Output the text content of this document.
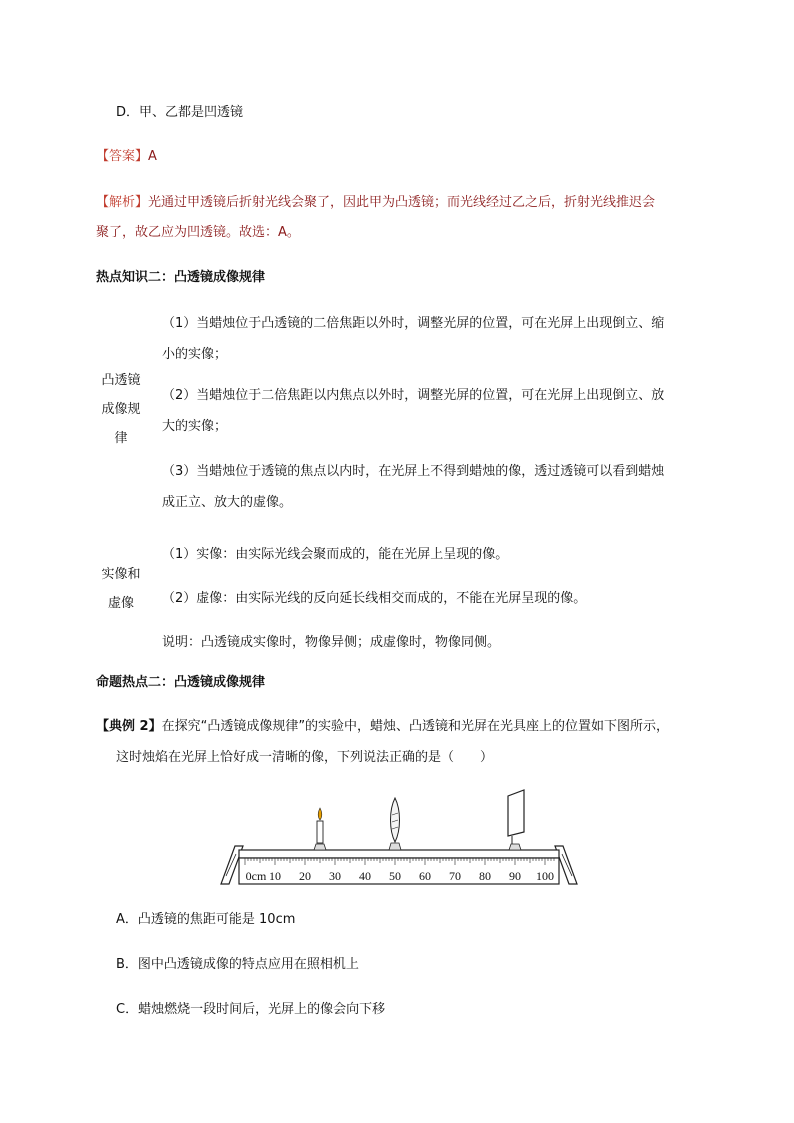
D．甲、乙都是凹透镜
【答案】A
【解析】光通过甲透镜后折射光线会聚了，因此甲为凸透镜；而光线经过乙之后，折射光线推迟会
聚了，故乙应为凹透镜。故选：A。
热点知识二：凸透镜成像规律
凸透镜
成像规
律
（1）当蜡烛位于凸透镜的二倍焦距以外时，调整光屏的位置，可在光屏上出现倒立、缩
小的实像；
（2）当蜡烛位于二倍焦距以内焦点以外时，调整光屏的位置，可在光屏上出现倒立、放
大的实像；
（3）当蜡烛位于透镜的焦点以内时，在光屏上不得到蜡烛的像，透过透镜可以看到蜡烛
成正立、放大的虚像。
实像和
虚像
（1）实像：由实际光线会聚而成的，能在光屏上呈现的像。
（2）虚像：由实际光线的反向延长线相交而成的，不能在光屏呈现的像。
说明：凸透镜成实像时，物像异侧；成虚像时，物像同侧。
命题热点二：凸透镜成像规律
【典例 2】在探究“凸透镜成像规律”的实验中，蜡烛、凸透镜和光屏在光具座上的位置如下图所示，
这时烛焰在光屏上恰好成一清晰的像，下列说法正确的是（　　）
0cm 10 20 30 40 50 60 70 80 90 100
A．凸透镜的焦距可能是 10cm
B．图中凸透镜成像的特点应用在照相机上
C．蜡烛燃烧一段时间后，光屏上的像会向下移
